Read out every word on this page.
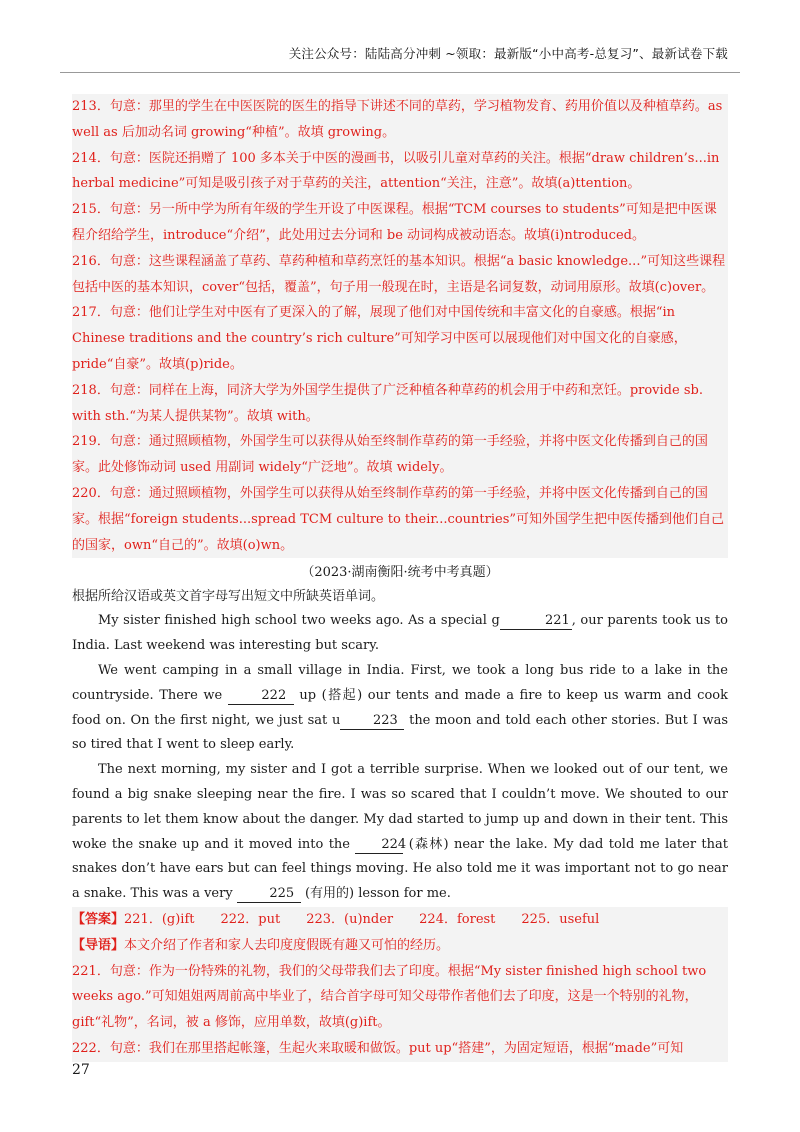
关注公众号：陆陆高分冲刺 ~领取：最新版“小中高考-总复习”、最新试卷下载

213．句意：那里的学生在中医医院的医生的指导下讲述不同的草药，学习植物发育、药用价值以及种植草药。as well as 后加动名词 growing“种植”。故填 growing。

214．句意：医院还捐赠了 100 多本关于中医的漫画书，以吸引儿童对草药的关注。根据“draw children’s...in herbal medicine”可知是吸引孩子对于草药的关注，attention“关注，注意”。故填(a)ttention。

215．句意：另一所中学为所有年级的学生开设了中医课程。根据“TCM courses to students”可知是把中医课程介绍给学生，introduce“介绍”，此处用过去分词和 be 动词构成被动语态。故填(i)ntroduced。

216．句意：这些课程涵盖了草药、草药种植和草药烹饪的基本知识。根据“a basic knowledge...”可知这些课程包括中医的基本知识，cover“包括，覆盖”，句子用一般现在时，主语是名词复数，动词用原形。故填(c)over。

217．句意：他们让学生对中医有了更深入的了解，展现了他们对中国传统和丰富文化的自豪感。根据“in Chinese traditions and the country’s rich culture”可知学习中医可以展现他们对中国文化的自豪感，pride“自豪”。故填(p)ride。

218．句意：同样在上海，同济大学为外国学生提供了广泛种植各种草药的机会用于中药和烹饪。provide sb. with sth.“为某人提供某物”。故填 with。

219．句意：通过照顾植物，外国学生可以获得从始至终制作草药的第一手经验，并将中医文化传播到自己的国家。此处修饰动词 used 用副词 widely“广泛地”。故填 widely。

220．句意：通过照顾植物，外国学生可以获得从始至终制作草药的第一手经验，并将中医文化传播到自己的国家。根据“foreign students...spread TCM culture to their...countries”可知外国学生把中医传播到他们自己的国家，own“自己的”。故填(o)wn。

（2023·湖南衡阳·统考中考真题）

根据所给汉语或英文首字母写出短文中所缺英语单词。

My sister finished high school two weeks ago. As a special g	221 , our parents took us to India. Last weekend was interesting but scary.

We went camping in a small village in India. First, we took a long bus ride to a lake in the countryside. There we	222 up (搭起) our tents and made a fire to keep us warm and cook food on. On the first night, we just sat u	223 the moon and told each other stories. But I was so tired that I went to sleep early.

The next morning, my sister and I got a terrible surprise. When we looked out of our tent, we found a big snake sleeping near the fire. I was so scared that I couldn’t move. We shouted to our parents to let them know about the danger. My dad started to jump up and down in their tent. This woke the snake up and it moved into the 224 (森林) near the lake. My dad told me later that snakes don’t have ears but can feel things moving. He also told me it was important not to go near a snake. This was a very	225 (有用的) lesson for me.

【答案】221．(g)ift　　222．put　　223．(u)nder　　224．forest　　225．useful

【导语】本文介绍了作者和家人去印度度假既有趣又可怕的经历。

221．句意：作为一份特殊的礼物，我们的父母带我们去了印度。根据“My sister finished high school two weeks ago.”可知姐姐两周前高中毕业了，结合首字母可知父母带作者他们去了印度，这是一个特别的礼物，gift“礼物”，名词，被 a 修饰，应用单数，故填(g)ift。

222．句意：我们在那里搭起帐篷，生起火来取暖和做饭。put up“搭建”，为固定短语，根据“made”可知

27
